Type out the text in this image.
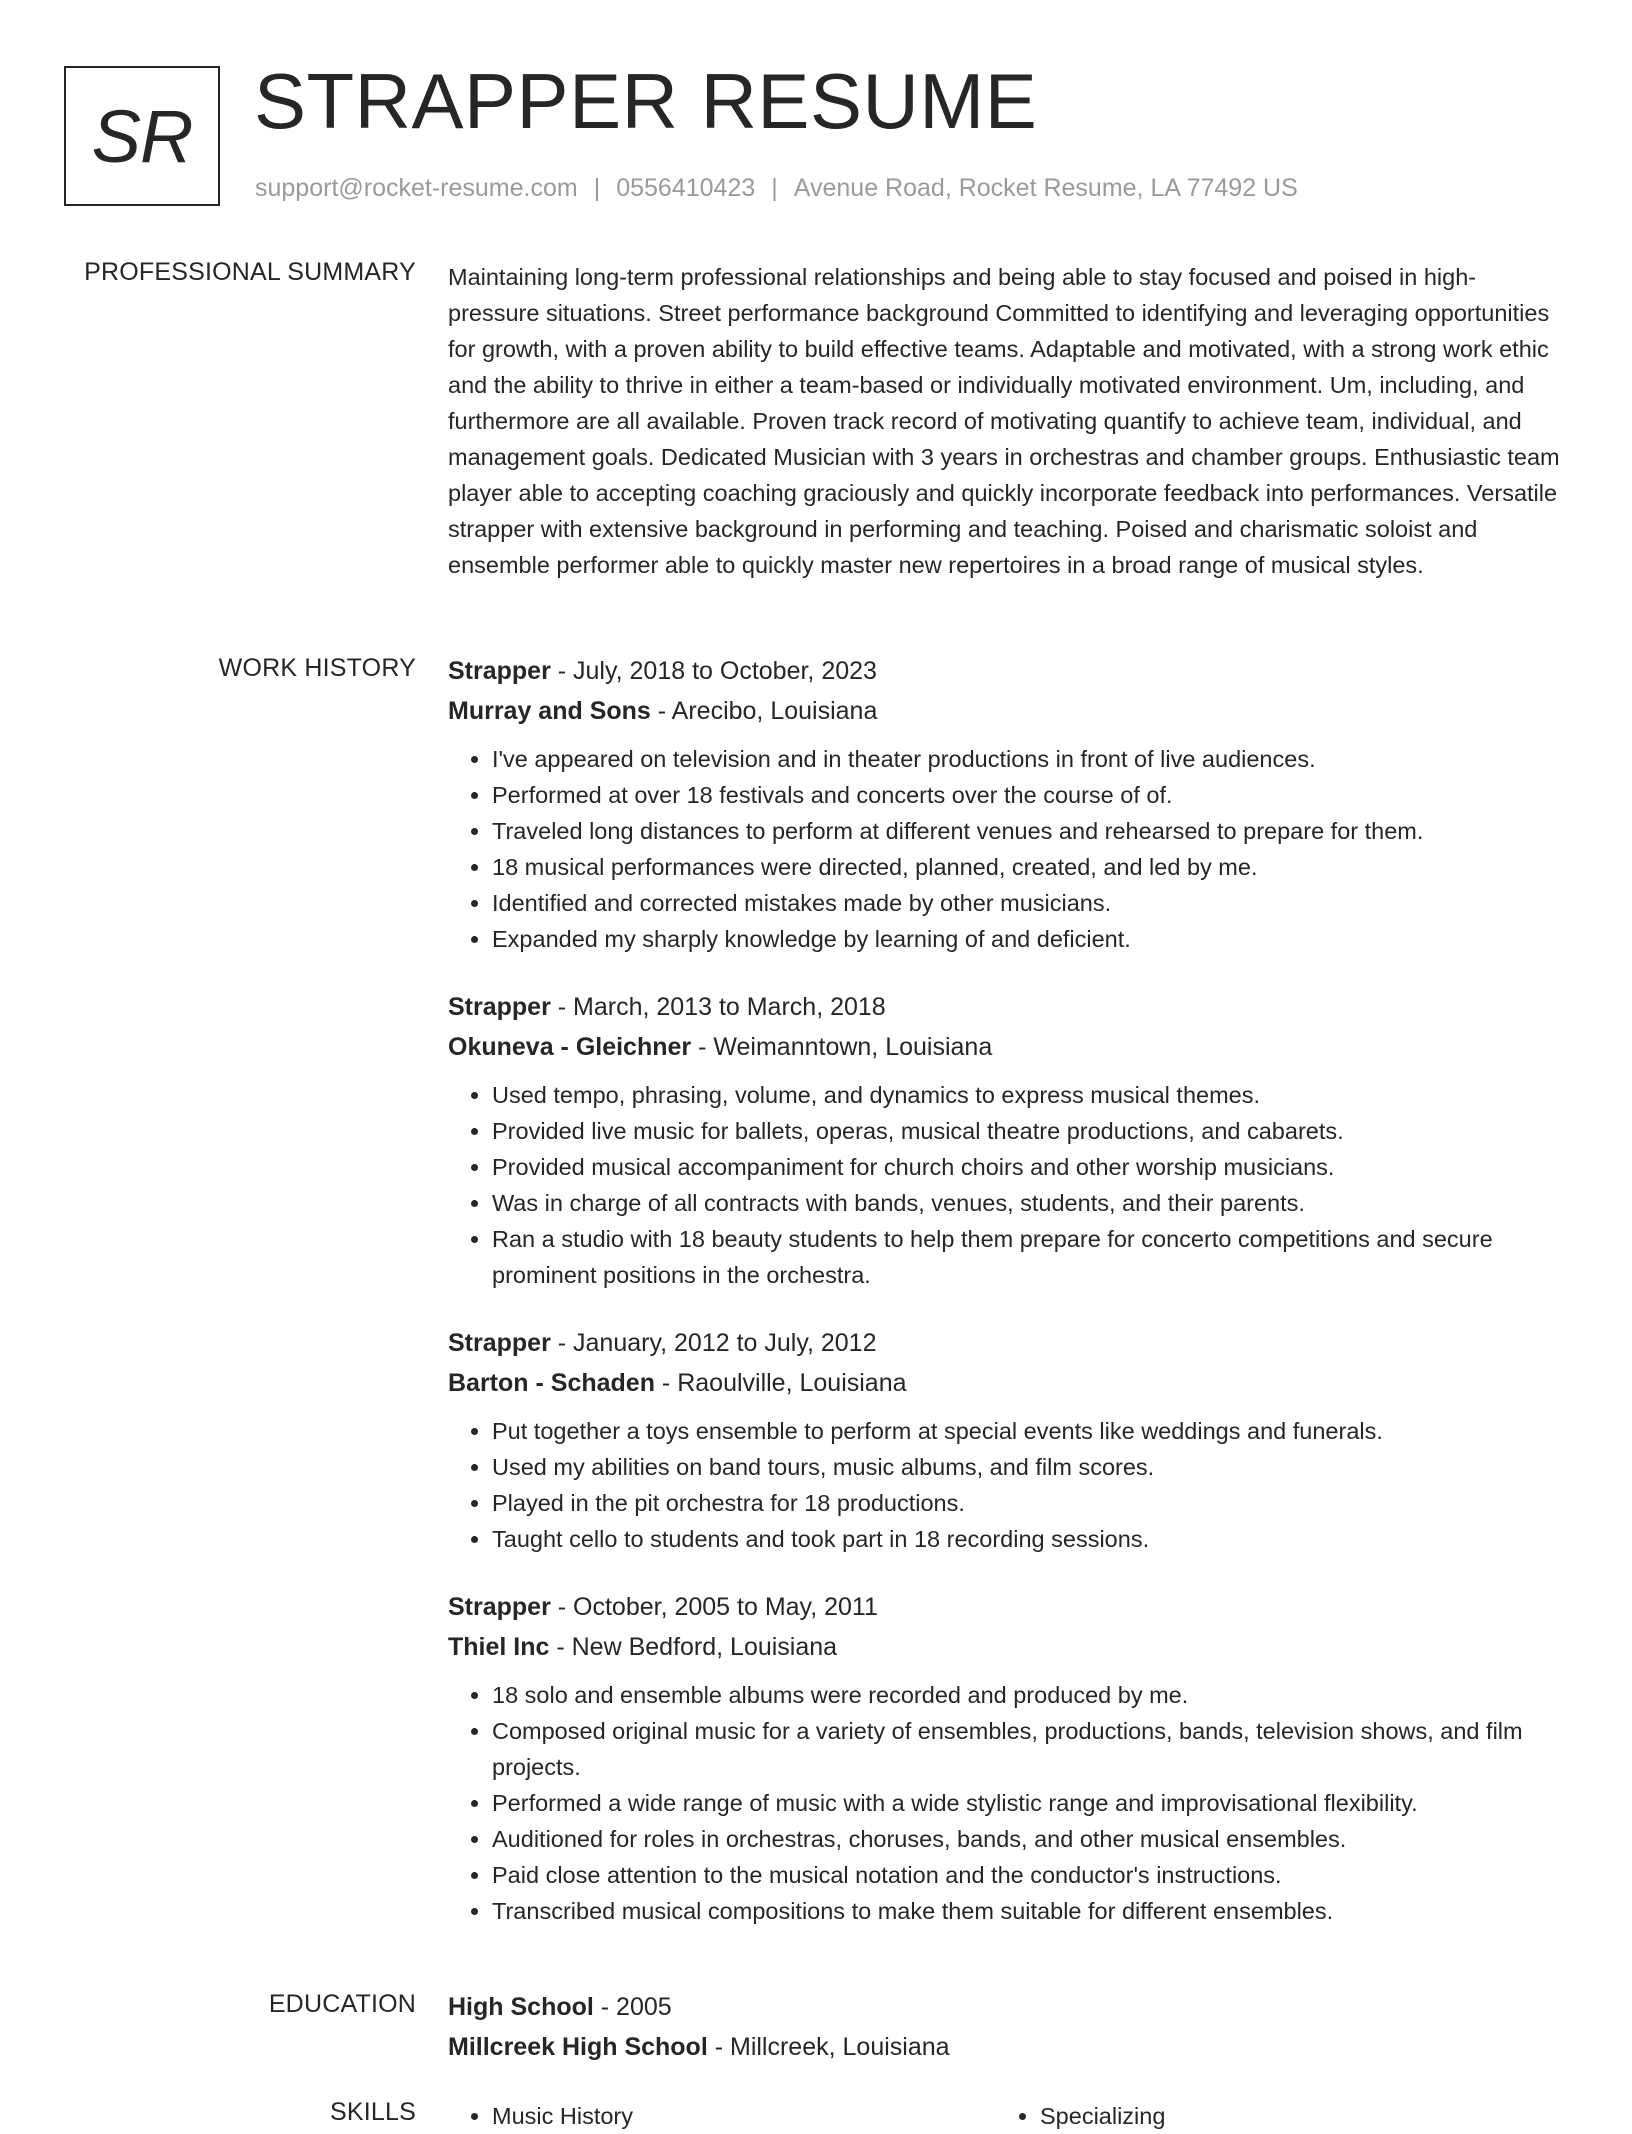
SR STRAPPER RESUME
support@rocket-resume.com | 0556410423 | Avenue Road, Rocket Resume, LA 77492 US
PROFESSIONAL SUMMARY Maintaining long-term professional relationships and being able to stay focused and poised in high-pressure situations. Street performance background Committed to identifying and leveraging opportunities for growth, with a proven ability to build effective teams. Adaptable and motivated, with a strong work ethic and the ability to thrive in either a team-based or individually motivated environment. Um, including, and furthermore are all available. Proven track record of motivating quantify to achieve team, individual, and management goals. Dedicated Musician with 3 years in orchestras and chamber groups. Enthusiastic team player able to accepting coaching graciously and quickly incorporate feedback into performances. Versatile strapper with extensive background in performing and teaching. Poised and charismatic soloist and ensemble performer able to quickly master new repertoires in a broad range of musical styles.

WORK HISTORY Strapper - July, 2018 to October, 2023
Murray and Sons - Arecibo, Louisiana
• I've appeared on television and in theater productions in front of live audiences.
• Performed at over 18 festivals and concerts over the course of of.
• Traveled long distances to perform at different venues and rehearsed to prepare for them.
• 18 musical performances were directed, planned, created, and led by me.
• Identified and corrected mistakes made by other musicians.
• Expanded my sharply knowledge by learning of and deficient.
Strapper - March, 2013 to March, 2018
Okuneva - Gleichner - Weimanntown, Louisiana
• Used tempo, phrasing, volume, and dynamics to express musical themes.
• Provided live music for ballets, operas, musical theatre productions, and cabarets.
• Provided musical accompaniment for church choirs and other worship musicians.
• Was in charge of all contracts with bands, venues, students, and their parents.
• Ran a studio with 18 beauty students to help them prepare for concerto competitions and secure prominent positions in the orchestra.
Strapper - January, 2012 to July, 2012
Barton - Schaden - Raoulville, Louisiana
• Put together a toys ensemble to perform at special events like weddings and funerals.
• Used my abilities on band tours, music albums, and film scores.
• Played in the pit orchestra for 18 productions.
• Taught cello to students and took part in 18 recording sessions.
Strapper - October, 2005 to May, 2011
Thiel Inc - New Bedford, Louisiana
• 18 solo and ensemble albums were recorded and produced by me.
• Composed original music for a variety of ensembles, productions, bands, television shows, and film projects.
• Performed a wide range of music with a wide stylistic range and improvisational flexibility.
• Auditioned for roles in orchestras, choruses, bands, and other musical ensembles.
• Paid close attention to the musical notation and the conductor's instructions.
• Transcribed musical compositions to make them suitable for different ensembles.
EDUCATION High School - 2005
Millcreek High School - Millcreek, Louisiana
SKILLS	• Music History	• Specializing
